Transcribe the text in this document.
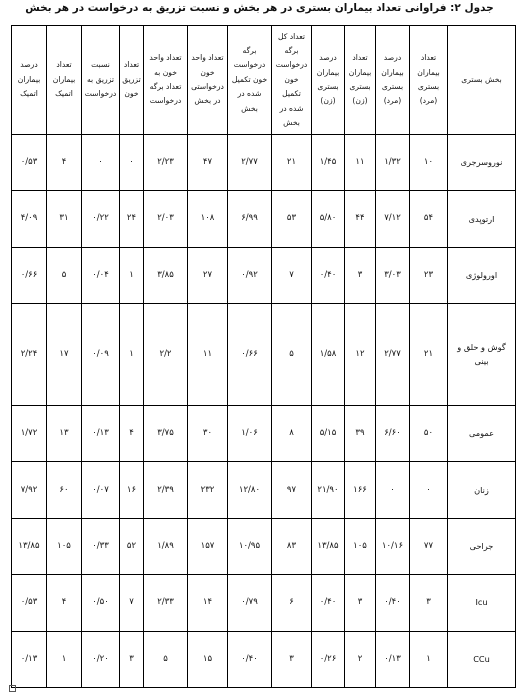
جدول ۲: فراوانی تعداد بیماران بستری در هر بخش و نسبت تزریق به درخواست در هر بخش
بخش بستری	تعداد بیماران بستری (مرد)	درصد بیماران بستری (مرد)	تعداد بیماران بستری (زن)	درصد بیماران بستری (زن)	تعداد کل برگه درخواست خون تکمیل شده در بخش	برگه درخواست خون تکمیل شده در بخش	تعداد واحد خون درخواستی در بخش	تعداد واحد خون به تعداد برگه درخواست	تعداد تزریق خون	نسبت تزریق به درخواست	تعداد بیماران اتمیک	درصد بیماران اتمیک
نوروسرجری	۱۰	۱/۳۲	۱۱	۱/۴۵	۲۱	۲/۷۷	۴۷	۲/۲۳	۰	۰	۴	۰/۵۳
ارتوپدی	۵۴	۷/۱۲	۴۴	۵/۸۰	۵۳	۶/۹۹	۱۰۸	۲/۰۳	۲۴	۰/۲۲	۳۱	۴/۰۹
اورولوژی	۲۳	۳/۰۳	۳	۰/۴۰	۷	۰/۹۲	۲۷	۳/۸۵	۱	۰/۰۴	۵	۰/۶۶
گوش و حلق و بینی	۲۱	۲/۷۷	۱۲	۱/۵۸	۵	۰/۶۶	۱۱	۲/۲	۱	۰/۰۹	۱۷	۲/۲۴
عمومی	۵۰	۶/۶۰	۳۹	۵/۱۵	۸	۱/۰۶	۳۰	۳/۷۵	۴	۰/۱۳	۱۳	۱/۷۲
زنان	۰	۰	۱۶۶	۲۱/۹۰	۹۷	۱۲/۸۰	۲۳۲	۲/۳۹	۱۶	۰/۰۷	۶۰	۷/۹۲
جراحی	۷۷	۱۰/۱۶	۱۰۵	۱۳/۸۵	۸۳	۱۰/۹۵	۱۵۷	۱/۸۹	۵۲	۰/۳۳	۱۰۵	۱۳/۸۵
Icu	۳	۰/۴۰	۳	۰/۴۰	۶	۰/۷۹	۱۴	۲/۳۳	۷	۰/۵۰	۴	۰/۵۳
CCu	۱	۰/۱۳	۲	۰/۲۶	۳	۰/۴۰	۱۵	۵	۳	۰/۲۰	۱	۰/۱۳
